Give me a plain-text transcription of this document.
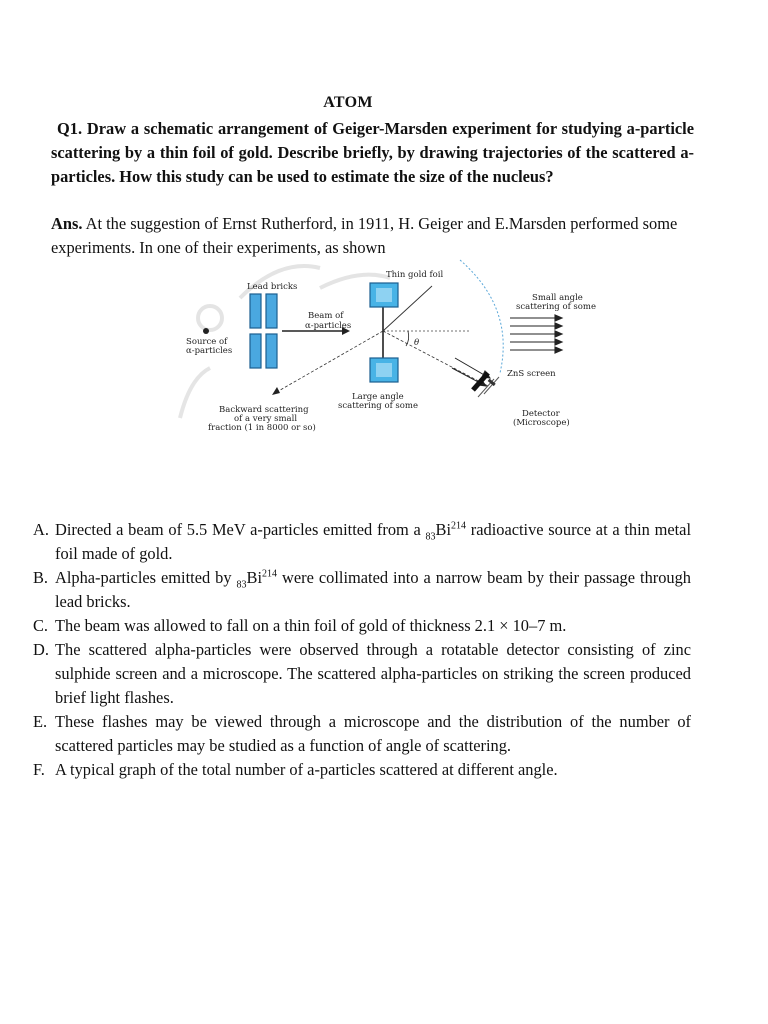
ATOM
Q1. Draw a schematic arrangement of Geiger-Marsden experiment for studying a-particle scattering by a thin foil of gold. Describe briefly, by drawing trajectories of the scattered a-particles. How this study can be used to estimate the size of the nucleus?
Ans. At the suggestion of Ernst Rutherford, in 1911, H. Geiger and E.Marsden performed some experiments. In one of their experiments, as shown
θ
Thin gold foil
Lead bricks
Small angle
scattering of some
Beam of
α-particles
Source of
α-particles
ZnS screen
Large angle
scattering of some
Backward scattering
of a very small
fraction (1 in 8000 or so)
Detector
(Microscope)
A. Directed a beam of 5.5 MeV a-particles emitted from a $_{83}Bi^{214}$ radioactive source at a thin metal foil made of gold.
B. Alpha-particles emitted by $_{83}Bi^{214}$ were collimated into a narrow beam by their passage through lead bricks.
C. The beam was allowed to fall on a thin foil of gold of thickness 2.1 × 10–7 m.
D. The scattered alpha-particles were observed through a rotatable detector consisting of zinc sulphide screen and a microscope. The scattered alpha-particles on striking the screen produced brief light flashes.
E. These flashes may be viewed through a microscope and the distribution of the number of scattered particles may be studied as a function of angle of scattering.
F. A typical graph of the total number of a-particles scattered at different angle.
